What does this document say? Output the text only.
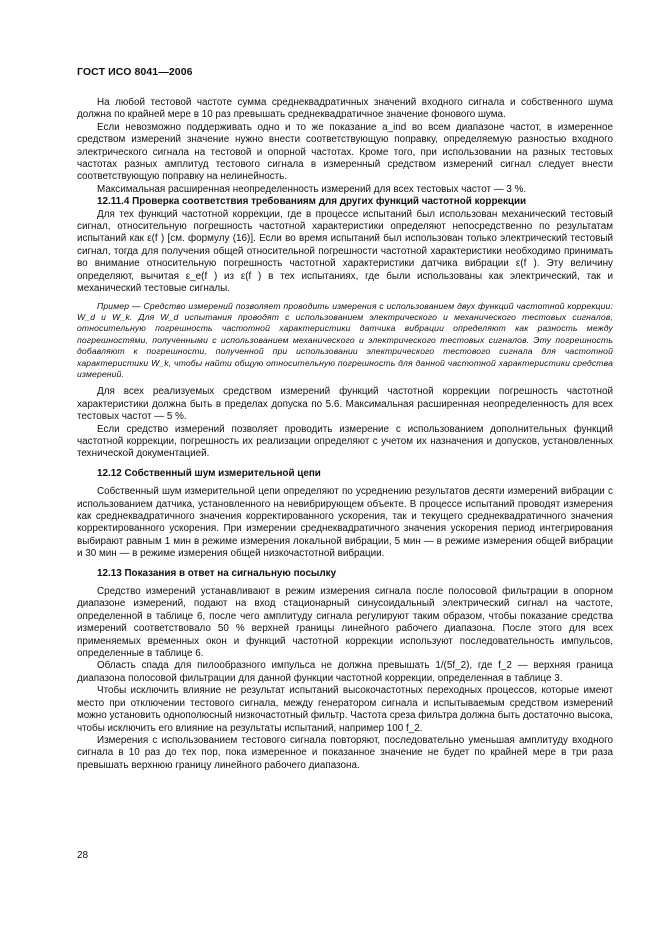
ГОСТ ИСО 8041—2006

На любой тестовой частоте сумма среднеквадратичных значений входного сигнала и собственного шума должна по крайней мере в 10 раз превышать среднеквадратичное значение фонового шума.

Если невозможно поддерживать одно и то же показание a_ind во всем диапазоне частот, в измеренное средством измерений значение нужно внести соответствующую поправку, определяемую разностью входного электрического сигнала на тестовой и опорной частотах. Кроме того, при использовании на разных тестовых частотах разных амплитуд тестового сигнала в измеренный средством измерений сигнал следует внести соответствующую поправку на нелинейность.

Максимальная расширенная неопределенность измерений для всех тестовых частот — 3 %.

12.11.4 Проверка соответствия требованиям для других функций частотной коррекции

Для тех функций частотной коррекции, где в процессе испытаний был использован механический тестовый сигнал, относительную погрешность частотной характеристики определяют непосредственно по результатам испытаний как ε(f ) [см. формулу (16)]. Если во время испытаний был использован только электрический тестовый сигнал, тогда для получения общей относительной погрешности частотной характеристики необходимо принимать во внимание относительную погрешность частотной характеристики датчика вибрации ε(f ). Эту величину определяют, вычитая ε_e(f ) из ε(f ) в тех испытаниях, где были использованы как электрический, так и механический тестовые сигналы.

Пример — Средство измерений позволяет проводить измерения с использованием двух функций частотной коррекции: W_d и W_k. Для W_d испытания проводят с использованием электрического и механического тестовых сигналов, относительную погрешность частотной характеристики датчика вибрации определяют как разность между погрешностями, полученными с использованием механического и электрического тестовых сигналов. Эту погрешность добавляют к погрешности, полученной при использовании электрического тестового сигнала для частотной характеристики W_k, чтобы найти общую относительную погрешность для данной частотной характеристики средства измерений.

Для всех реализуемых средством измерений функций частотной коррекции погрешность частотной характеристики должна быть в пределах допуска по 5.6. Максимальная расширенная неопределенность для всех тестовых частот — 5 %.

Если средство измерений позволяет проводить измерение с использованием дополнительных функций частотной коррекции, погрешность их реализации определяют с учетом их назначения и допусков, установленных технической документацией.

12.12 Собственный шум измерительной цепи

Собственный шум измерительной цепи определяют по усреднению результатов десяти измерений вибрации с использованием датчика, установленного на невибрирующем объекте. В процессе испытаний проводят измерения как среднеквадратичного значения корректированного ускорения, так и текущего среднеквадратичного значения корректированного ускорения. При измерении среднеквадратичного значения ускорения период интегрирования выбирают равным 1 мин в режиме измерения локальной вибрации, 5 мин — в режиме измерения общей вибрации и 30 мин — в режиме измерения общей низкочастотной вибрации.

12.13 Показания в ответ на сигнальную посылку

Средство измерений устанавливают в режим измерения сигнала после полосовой фильтрации в опорном диапазоне измерений, подают на вход стационарный синусоидальный электрический сигнал на частоте, определенной в таблице 6, после чего амплитуду сигнала регулируют таким образом, чтобы показание средства измерений соответствовало 50 % верхней границы линейного рабочего диапазона. После этого для всех применяемых временных окон и функций частотной коррекции используют последовательность импульсов, определенные в таблице 6.

Область спада для пилообразного импульса не должна превышать 1/(5f_2), где f_2 — верхняя граница диапазона полосовой фильтрации для данной функции частотной коррекции, определенная в таблице 3.

Чтобы исключить влияние не результат испытаний высокочастотных переходных процессов, которые имеют место при отключении тестового сигнала, между генератором сигнала и испытываемым средством измерений можно установить однополюсный низкочастотный фильтр. Частота среза фильтра должна быть достаточно высока, чтобы исключить его влияние на результаты испытаний, например 100 f_2.

Измерения с использованием тестового сигнала повторяют, последовательно уменьшая амплитуду входного сигнала в 10 раз до тех пор, пока измеренное и показанное значение не будет по крайней мере в три раза превышать верхнюю границу линейного рабочего диапазона.

28
